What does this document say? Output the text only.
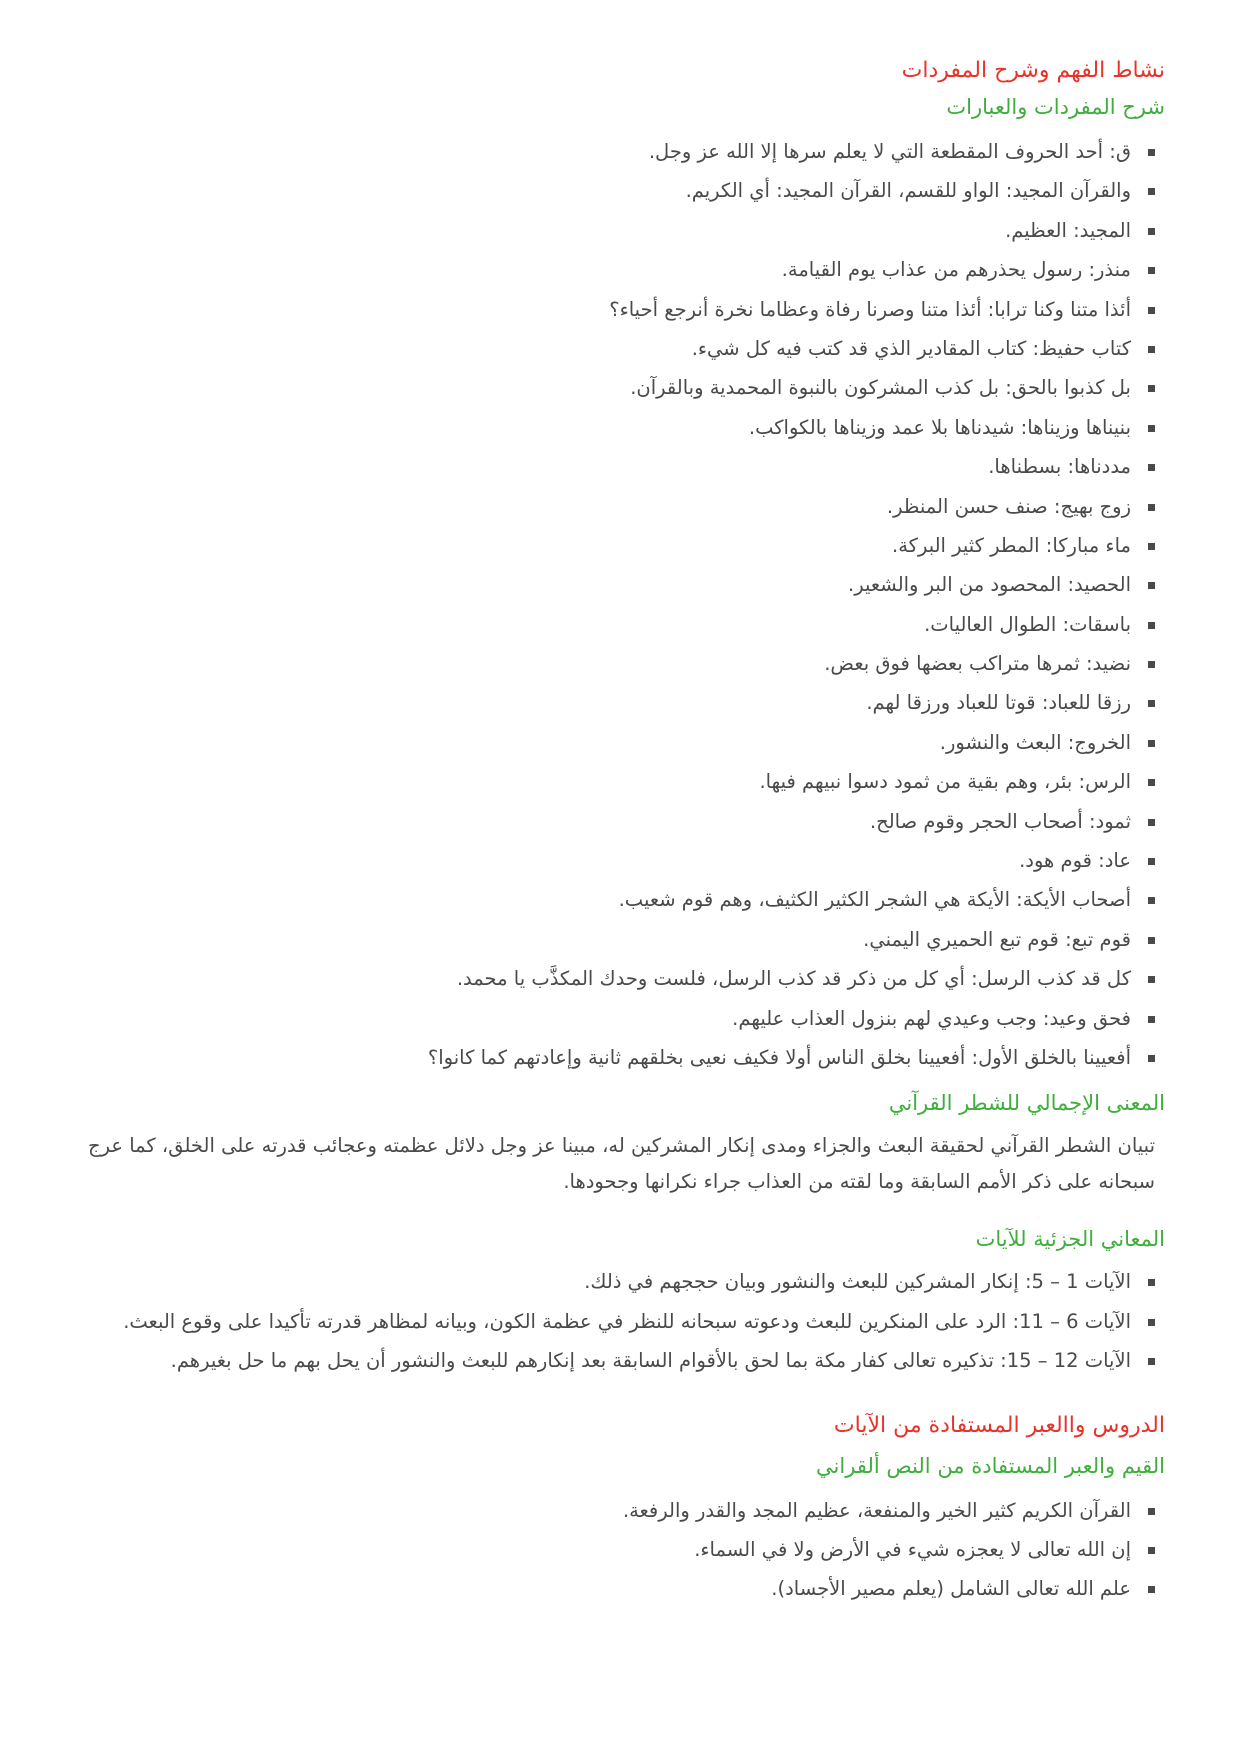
نشاط الفهم وشرح المفردات
شرح المفردات والعبارات
ق: أحد الحروف المقطعة التي لا يعلم سرها إلا الله عز وجل.
والقرآن المجيد: الواو للقسم، القرآن المجيد: أي الكريم.
المجيد: العظيم.
منذر: رسول يحذرهم من عذاب يوم القيامة.
أئذا متنا وكنا ترابا: أئذا متنا وصرنا رفاة وعظاما نخرة أنرجع أحياء؟
كتاب حفيظ: كتاب المقادير الذي قد كتب فيه كل شيء.
بل كذبوا بالحق: بل كذب المشركون بالنبوة المحمدية وبالقرآن.
بنيناها وزيناها: شيدناها بلا عمد وزيناها بالكواكب.
مددناها: بسطناها.
زوج بهيج: صنف حسن المنظر.
ماء مباركا: المطر كثير البركة.
الحصيد: المحصود من البر والشعير.
باسقات: الطوال العاليات.
نضيد: ثمرها متراكب بعضها فوق بعض.
رزقا للعباد: قوتا للعباد ورزقا لهم.
الخروج: البعث والنشور.
الرس: بئر، وهم بقية من ثمود دسوا نبيهم فيها.
ثمود: أصحاب الحجر وقوم صالح.
عاد: قوم هود.
أصحاب الأيكة: الأيكة هي الشجر الكثير الكثيف، وهم قوم شعيب.
قوم تبع: قوم تبع الحميري اليمني.
كل قد كذب الرسل: أي كل من ذكر قد كذب الرسل، فلست وحدك المكذَّب يا محمد.
فحق وعيد: وجب وعيدي لهم بنزول العذاب عليهم.
أفعيينا بالخلق الأول: أفعيينا بخلق الناس أولا فكيف نعيى بخلقهم ثانية وإعادتهم كما كانوا؟
المعنى الإجمالي للشطر القرآني

تبيان الشطر القرآني لحقيقة البعث والجزاء ومدى إنكار المشركين له، مبينا عز وجل دلائل عظمته وعجائب قدرته على الخلق، كما عرج سبحانه على ذكر الأمم السابقة وما لقته من العذاب جراء نكرانها وجحودها.

المعاني الجزئية للآيات
الآيات 1 – 5: إنكار المشركين للبعث والنشور وبيان حججهم في ذلك.
الآيات 6 – 11: الرد على المنكرين للبعث ودعوته سبحانه للنظر في عظمة الكون، وبيانه لمظاهر قدرته تأكيدا على وقوع البعث.
الآيات 12 – 15: تذكيره تعالى كفار مكة بما لحق بالأقوام السابقة بعد إنكارهم للبعث والنشور أن يحل بهم ما حل بغيرهم.
الدروس واالعبر المستفادة من الآيات
القيم والعبر المستفادة من النص ألقراني
القرآن الكريم كثير الخير والمنفعة، عظيم المجد والقدر والرفعة.
إن الله تعالى لا يعجزه شيء في الأرض ولا في السماء.
علم الله تعالى الشامل (يعلم مصير الأجساد).
